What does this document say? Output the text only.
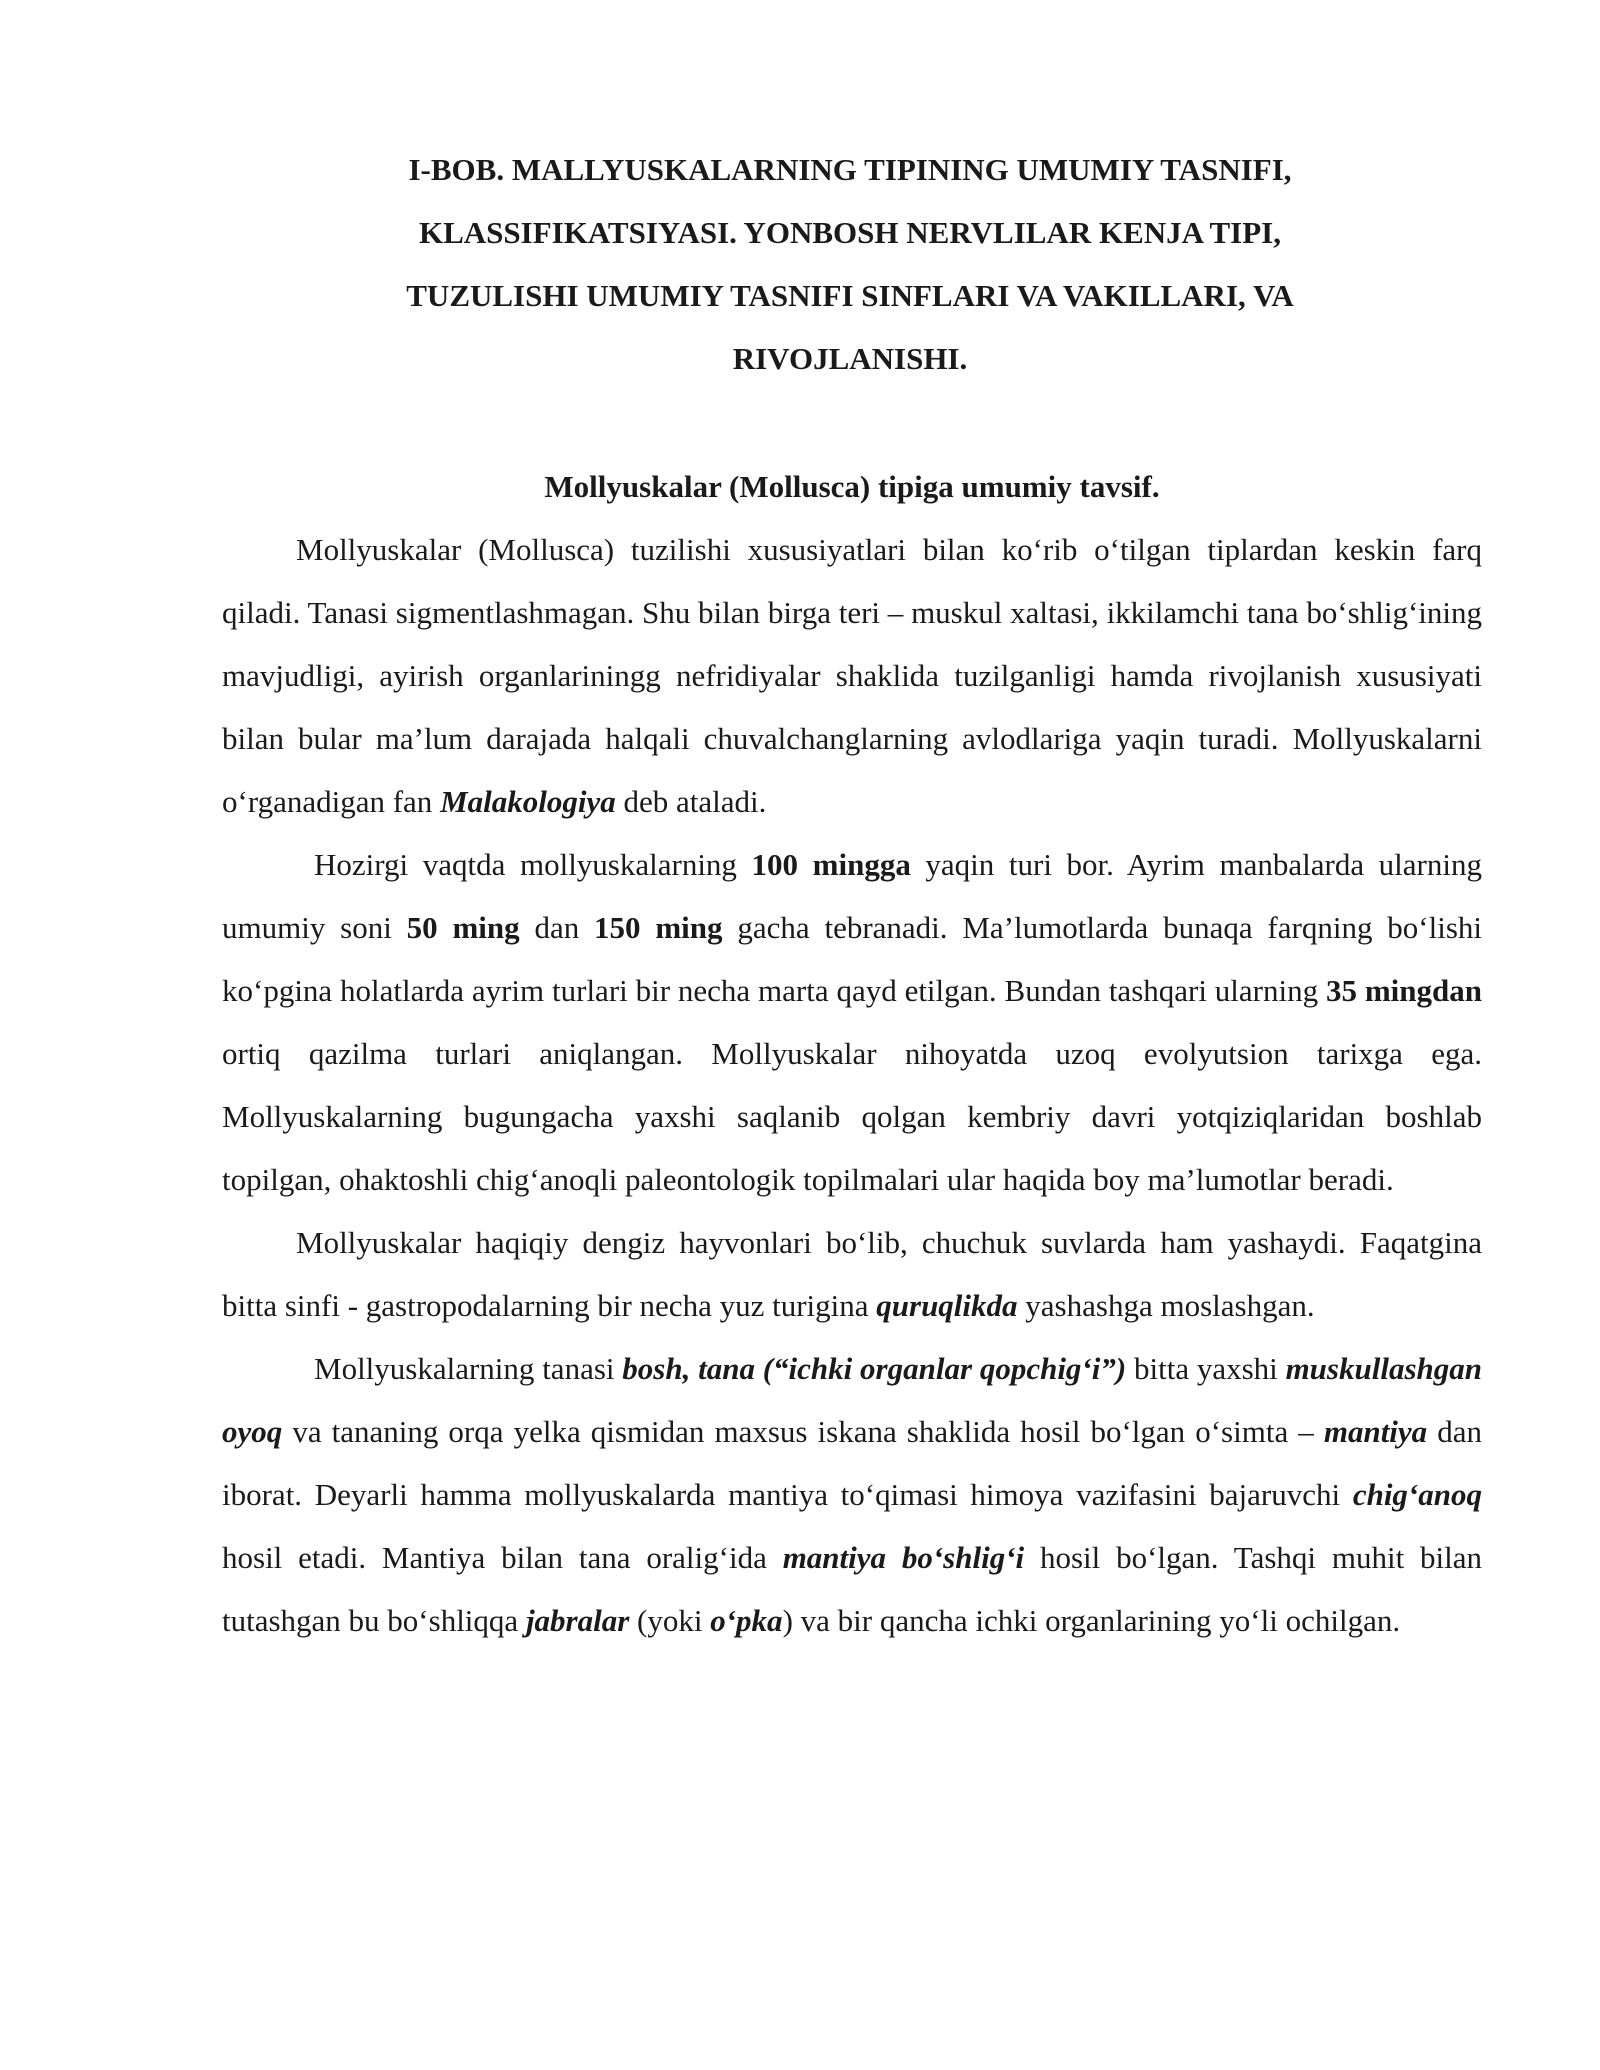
I-BOB. MALLYUSKALARNING TIPINING UMUMIY TASNIFI,
KLASSIFIKATSIYASI. YONBOSH NERVLILAR KENJA TIPI,
TUZULISHI UMUMIY TASNIFI SINFLARI VA VAKILLARI, VA
RIVOJLANISHI.
Mollyuskalar (Mollusca) tipiga umumiy tavsif.

Mollyuskalar (Mollusca) tuzilishi xususiyatlari bilan ko‘rib o‘tilgan tiplardan keskin farq qiladi. Tanasi sigmentlashmagan. Shu bilan birga teri – muskul xaltasi, ikkilamchi tana bo‘shlig‘ining mavjudligi, ayirish organlariningg nefridiyalar shaklida tuzilganligi hamda rivojlanish xususiyati bilan bular ma’lum darajada halqali chuvalchanglarning avlodlariga yaqin turadi. Mollyuskalarni o‘rganadigan fan Malakologiya deb ataladi.

Hozirgi vaqtda mollyuskalarning 100 mingga yaqin turi bor. Ayrim manbalarda ularning umumiy soni 50 ming dan 150 ming gacha tebranadi. Ma’lumotlarda bunaqa farqning bo‘lishi ko‘pgina holatlarda ayrim turlari bir necha marta qayd etilgan. Bundan tashqari ularning 35 mingdan ortiq qazilma turlari aniqlangan. Mollyuskalar nihoyatda uzoq evolyutsion tarixga ega. Mollyuskalarning bugungacha yaxshi saqlanib qolgan kembriy davri yotqiziqlaridan boshlab topilgan, ohaktoshli chig‘anoqli paleontologik topilmalari ular haqida boy ma’lumotlar beradi.

Mollyuskalar haqiqiy dengiz hayvonlari bo‘lib, chuchuk suvlarda ham yashaydi. Faqatgina bitta sinfi - gastropodalarning bir necha yuz turigina quruqlikda yashashga moslashgan.

Mollyuskalarning tanasi bosh, tana (“ichki organlar qopchig‘i”) bitta yaxshi muskullashgan oyoq va tananing orqa yelka qismidan maxsus iskana shaklida hosil bo‘lgan o‘simta – mantiya dan iborat. Deyarli hamma mollyuskalarda mantiya to‘qimasi himoya vazifasini bajaruvchi chig‘anoq hosil etadi. Mantiya bilan tana oralig‘ida mantiya bo‘shlig‘i hosil bo‘lgan. Tashqi muhit bilan tutashgan bu bo‘shliqqa jabralar (yoki o‘pka) va bir qancha ichki organlarining yo‘li ochilgan.
